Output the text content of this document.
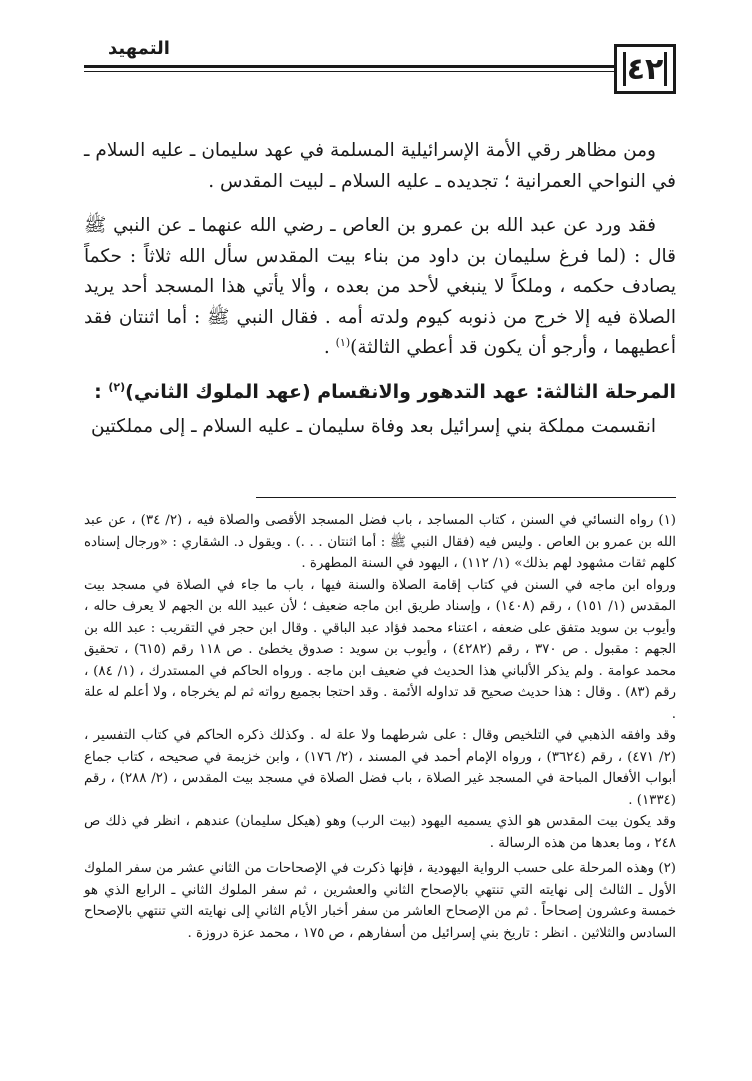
٤٢
التمهيد

ومن مظاهر رقي الأمة الإسرائيلية المسلمة في عهد سليمان ـ عليه السلام ـ في النواحي العمرانية ؛ تجديده ـ عليه السلام ـ لبيت المقدس .

فقد ورد عن عبد الله بن عمرو بن العاص ـ رضي الله عنهما ـ عن النبي ﷺ قال : (لما فرغ سليمان بن داود من بناء بيت المقدس سأل الله ثلاثاً : حكماً يصادف حكمه ، وملكاً لا ينبغي لأحد من بعده ، وألا يأتي هذا المسجد أحد يريد الصلاة فيه إلا خرج من ذنوبه كيوم ولدته أمه . فقال النبي ﷺ : أما اثنتان فقد أعطيهما ، وأرجو أن يكون قد أعطي الثالثة)$^{(١)}$ .

المرحلة الثالثة: عهد التدهور والانقسام (عهد الملوك الثاني)$^{(٢)}$ :

انقسمت مملكة بني إسرائيل بعد وفاة سليمان ـ عليه السلام ـ إلى مملكتين

(١) رواه النسائي في السنن ، كتاب المساجد ، باب فضل المسجد الأقصى والصلاة فيه ، (٢/ ٣٤) ، عن عبد الله بن عمرو بن العاص . وليس فيه (فقال النبي ﷺ : أما اثنتان . . .) . ويقول د. الشقاري : «ورجال إسناده كلهم ثقات مشهود لهم بذلك» (١/ ١١٢) ، اليهود في السنة المطهرة .

ورواه ابن ماجه في السنن في كتاب إقامة الصلاة والسنة فيها ، باب ما جاء في الصلاة في مسجد بيت المقدس (١/ ١٥١) ، رقم (١٤٠٨) ، وإسناد طريق ابن ماجه ضعيف ؛ لأن عبيد الله بن الجهم لا يعرف حاله ، وأيوب بن سويد متفق على ضعفه ، اعتناء محمد فؤاد عبد الباقي . وقال ابن حجر في التقريب : عبد الله بن الجهم : مقبول . ص ٣٧٠ ، رقم (٤٢٨٢) ، وأيوب بن سويد : صدوق يخطئ . ص ١١٨ رقم (٦١٥) ، تحقيق محمد عوامة . ولم يذكر الألباني هذا الحديث في ضعيف ابن ماجه . ورواه الحاكم في المستدرك ، (١/ ٨٤) ، رقم (٨٣) . وقال : هذا حديث صحيح قد تداوله الأئمة . وقد احتجا بجميع رواته ثم لم يخرجاه ، ولا أعلم له علة .

وقد وافقه الذهبي في التلخيص وقال : على شرطهما ولا علة له . وكذلك ذكره الحاكم في كتاب التفسير ، (٢/ ٤٧١) ، رقم (٣٦٢٤) ، ورواه الإمام أحمد في المسند ، (٢/ ١٧٦) ، وابن خزيمة في صحيحه ، كتاب جماع أبواب الأفعال المباحة في المسجد غير الصلاة ، باب فضل الصلاة في مسجد بيت المقدس ، (٢/ ٢٨٨) ، رقم (١٣٣٤) .

وقد يكون بيت المقدس هو الذي يسميه اليهود (بيت الرب) وهو (هيكل سليمان) عندهم ، انظر في ذلك ص ٢٤٨ ، وما بعدها من هذه الرسالة .

(٢) وهذه المرحلة على حسب الرواية اليهودية ، فإنها ذكرت في الإصحاحات من الثاني عشر من سفر الملوك الأول ـ الثالث إلى نهايته التي تنتهي بالإصحاح الثاني والعشرين ، ثم سفر الملوك الثاني ـ الرابع الذي هو خمسة وعشرون إصحاحاً . ثم من الإصحاح العاشر من سفر أخبار الأيام الثاني إلى نهايته التي تنتهي بالإصحاح السادس والثلاثين . انظر : تاريخ بني إسرائيل من أسفارهم ، ص ١٧٥ ، محمد عزة دروزة .
